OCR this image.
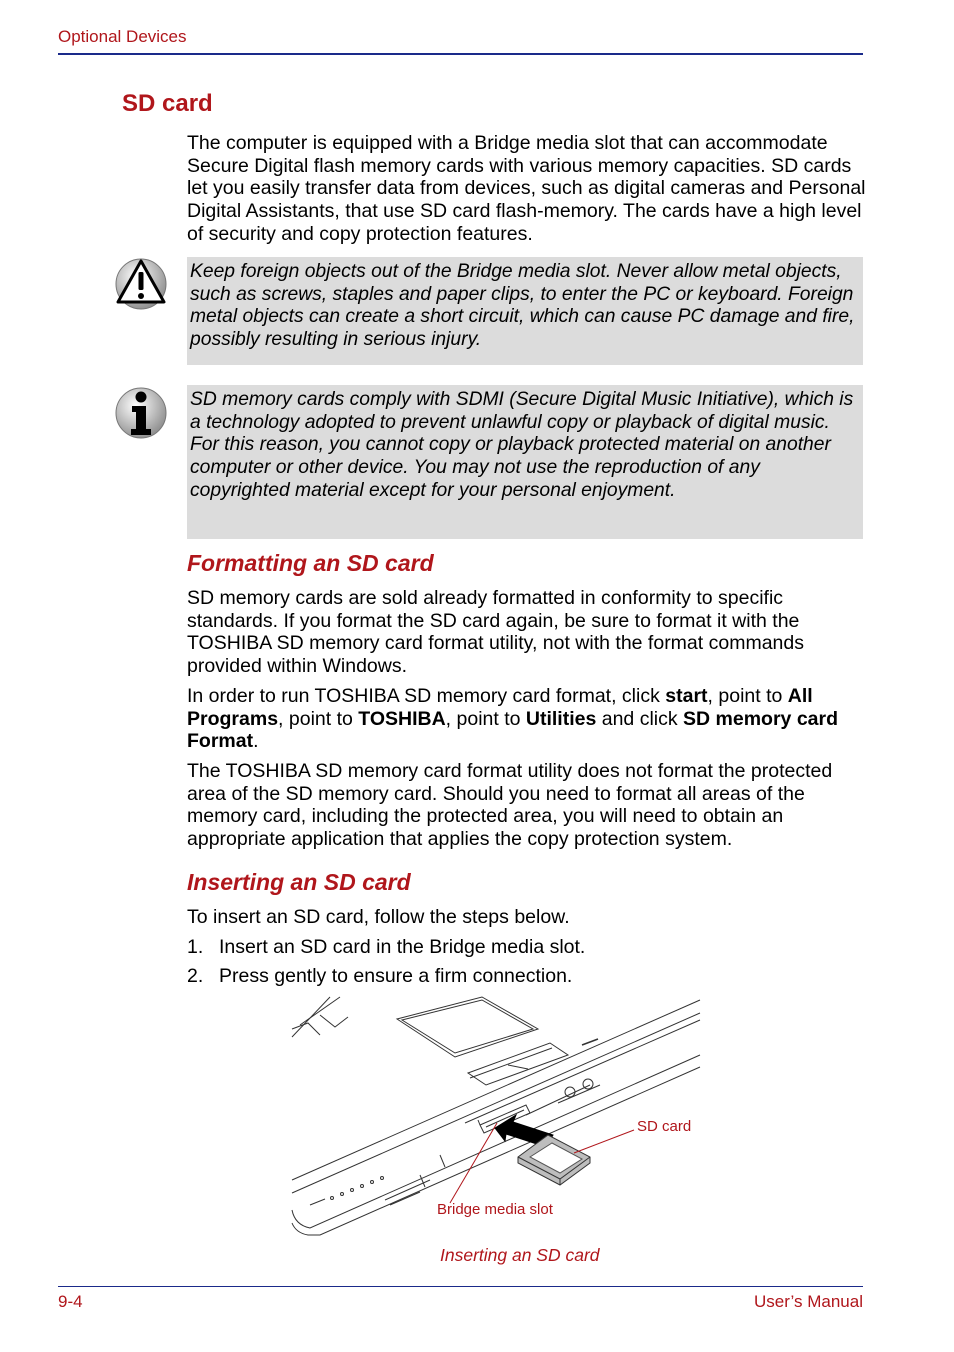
Optional Devices
SD card
The computer is equipped with a Bridge media slot that can accommodate Secure Digital flash memory cards with various memory capacities. SD cards let you easily transfer data from devices, such as digital cameras and Personal Digital Assistants, that use SD card flash-memory. The cards have a high level of security and copy protection features.
Keep foreign objects out of the Bridge media slot. Never allow metal objects, such as screws, staples and paper clips, to enter the PC or keyboard. Foreign metal objects can create a short circuit, which can cause PC damage and fire, possibly resulting in serious injury.
SD memory cards comply with SDMI (Secure Digital Music Initiative), which is a technology adopted to prevent unlawful copy or playback of digital music. For this reason, you cannot copy or playback protected material on another computer or other device. You may not use the reproduction of any copyrighted material except for your personal enjoyment.
Formatting an SD card
SD memory cards are sold already formatted in conformity to specific standards. If you format the SD card again, be sure to format it with the TOSHIBA SD memory card format utility, not with the format commands provided within Windows.
In order to run TOSHIBA SD memory card format, click start, point to All Programs, point to TOSHIBA, point to Utilities and click SD memory card Format.
The TOSHIBA SD memory card format utility does not format the protected area of the SD memory card. Should you need to format all areas of the memory card, including the protected area, you will need to obtain an appropriate application that applies the copy protection system.
Inserting an SD card
To insert an SD card, follow the steps below.
1. Insert an SD card in the Bridge media slot.
2. Press gently to ensure a firm connection.
SD card
Bridge media slot
Inserting an SD card
9-4	User’s Manual
